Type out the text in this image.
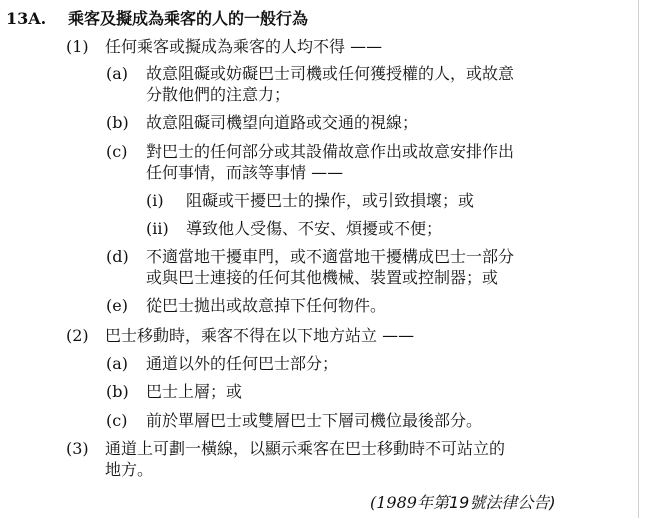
13A. 乘客及擬成為乘客的人的一般行為
(1)	任何乘客或擬成為乘客的人均不得 ——
(a)	故意阻礙或妨礙巴士司機或任何獲授權的人，或故意
分散他們的注意力；
(b)	故意阻礙司機望向道路或交通的視線；
(c)	對巴士的任何部分或其設備故意作出或故意安排作出
任何事情，而該等事情 ——
(i)	阻礙或干擾巴士的操作，或引致損壞；或
(ii)	導致他人受傷、不安、煩擾或不便；
(d)	不適當地干擾車門，或不適當地干擾構成巴士一部分
或與巴士連接的任何其他機械、裝置或控制器；或
(e)	從巴士拋出或故意掉下任何物件。
(2)	巴士移動時，乘客不得在以下地方站立 ——
(a)	通道以外的任何巴士部分；
(b)	巴士上層；或
(c)	前於單層巴士或雙層巴士下層司機位最後部分。
(3)	通道上可劃一橫線，以顯示乘客在巴士移動時不可站立的
地方。
(1989年第19號法律公告)
